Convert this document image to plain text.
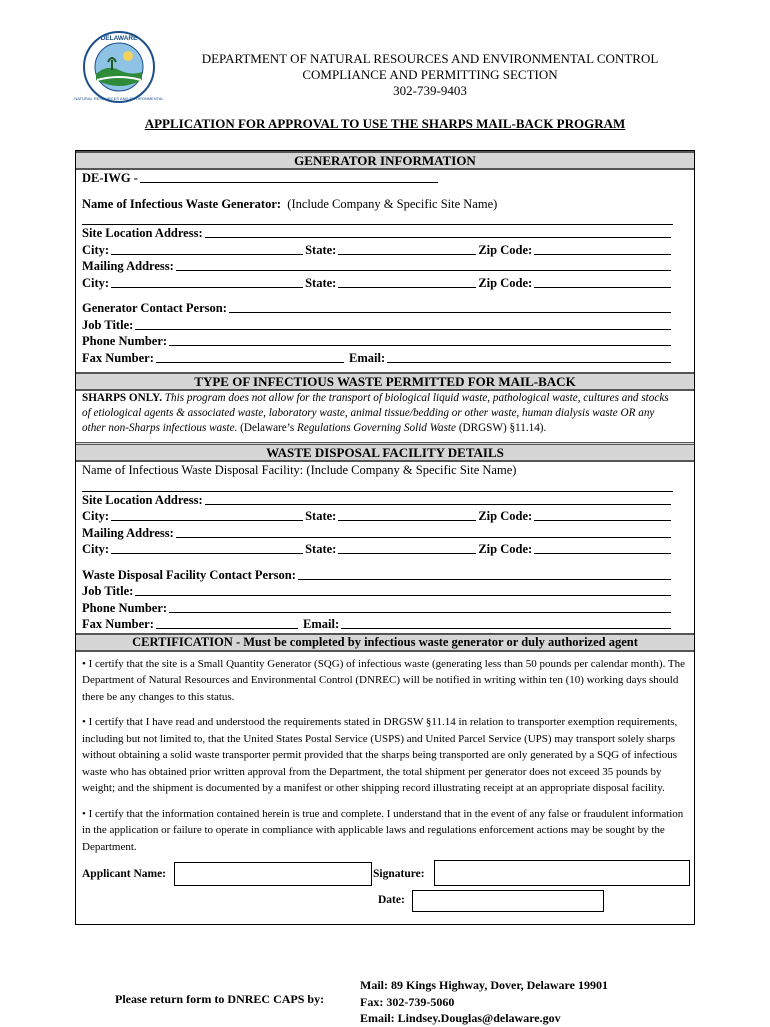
DELAWARE
NATURAL RESOURCES AND ENVIRONMENTAL
DEPARTMENT OF NATURAL RESOURCES AND ENVIRONMENTAL CONTROL
COMPLIANCE AND PERMITTING SECTION
302-739-9403
APPLICATION FOR APPROVAL TO USE THE SHARPS MAIL-BACK PROGRAM
GENERATOR INFORMATION
DE-IWG -
Name of Infectious Waste Generator:
(Include Company & Specific Site Name)
Site Location Address:
City:	State:	Zip Code:
Mailing Address:
City:	State:	Zip Code:
Generator Contact Person:
Job Title:
Phone Number:
Fax Number:
	Email:
TYPE OF INFECTIOUS WASTE PERMITTED FOR MAIL-BACK
SHARPS ONLY. This program does not allow for the transport of biological liquid waste, pathological waste, cultures and stocks of etiological agents & associated waste, laboratory waste, animal tissue/bedding or other waste, human dialysis waste OR any other non-Sharps infectious waste. (Delaware’s Regulations Governing Solid Waste (DRGSW) §11.14).
WASTE DISPOSAL FACILITY DETAILS
Name of Infectious Waste Disposal Facility: (Include Company & Specific Site Name)
Site Location Address:
City:	State:	Zip Code:
Mailing Address:
City:	State:	Zip Code:
Waste Disposal Facility Contact Person:
Job Title:
Phone Number:
Fax Number:
	Email:
CERTIFICATION - Must be completed by infectious waste generator or duly authorized agent

• I certify that the site is a Small Quantity Generator (SQG) of infectious waste (generating less than 50 pounds per calendar month). The Department of Natural Resources and Environmental Control (DNREC) will be notified in writing within ten (10) working days should there be any changes to this status.

• I certify that I have read and understood the requirements stated in DRGSW §11.14 in relation to transporter exemption requirements, including but not limited to, that the United States Postal Service (USPS) and United Parcel Service (UPS) may transport solely sharps without obtaining a solid waste transporter permit provided that the sharps being transported are only generated by a SQG of infectious waste who has obtained prior written approval from the Department, the total shipment per generator does not exceed 35 pounds by weight; and the shipment is documented by a manifest or other shipping record illustrating receipt at an appropriate disposal facility.

• I certify that the information contained herein is true and complete. I understand that in the event of any false or fraudulent information in the application or failure to operate in compliance with applicable laws and regulations enforcement actions may be sought by the Department.

Applicant Name:	Signature:
Date:
Please return form to DNREC CAPS by:
Mail: 89 Kings Highway, Dover, Delaware 19901
Fax: 302-739-5060
Email: Lindsey.Douglas@delaware.gov
